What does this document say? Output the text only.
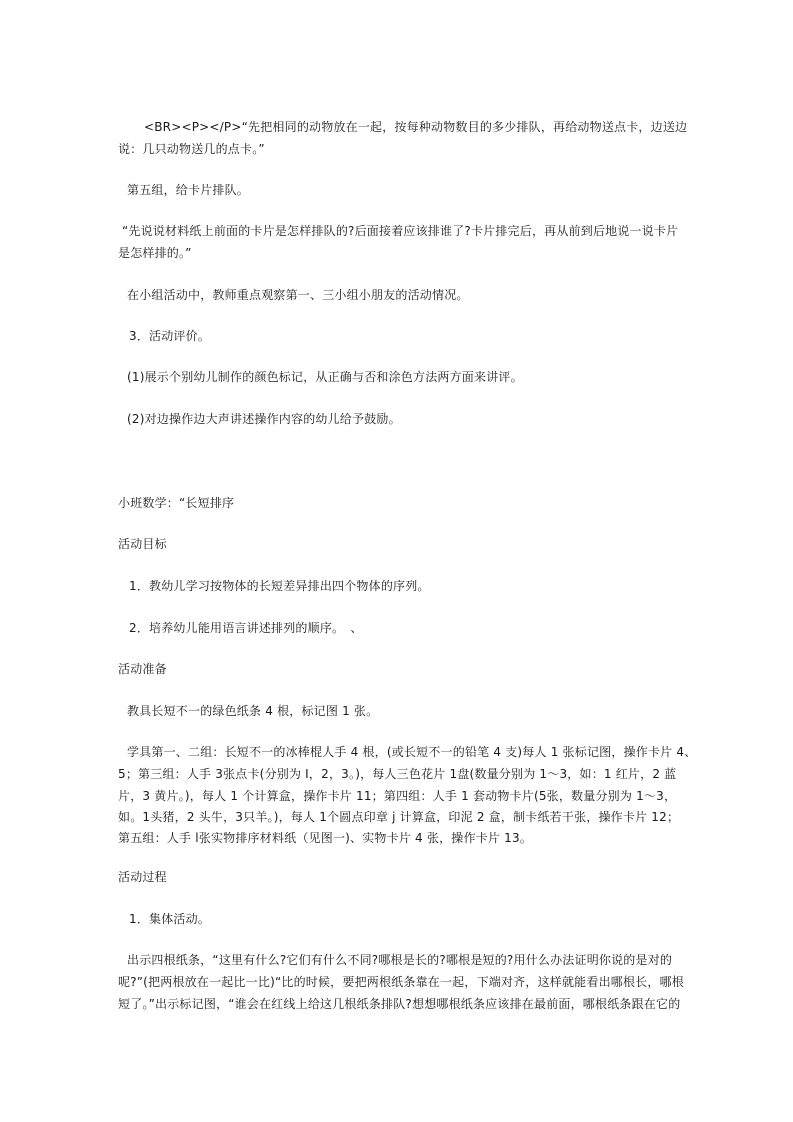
<BR><P></P>“先把相同的动物放在一起，按每种动物数目的多少排队，再给动物送点卡，边送边
说：几只动物送几的点卡。”
第五组，给卡片排队。
“先说说材料纸上前面的卡片是怎样排队的?后面接着应该排谁了?卡片排完后，再从前到后地说一说卡片
是怎样排的。”
在小组活动中，教师重点观察第一、三小组小朋友的活动情况。
3．活动评价。
(1)展示个别幼儿制作的颜色标记，从正确与否和涂色方法两方面来讲评。
(2)对边操作边大声讲述操作内容的幼儿给予鼓励。
小班数学：“长短排序
活动目标
1．教幼儿学习按物体的长短差异排出四个物体的序列。
2．培养幼儿能用语言讲述排列的顺序。　、
活动准备
教具长短不一的绿色纸条 4 根，标记图 1 张。
学具第一、二组：长短不一的冰棒棍人手 4 根，(或长短不一的铅笔 4 支)每人 1 张标记图，操作卡片 4、
5；第三组：人手 3张点卡(分别为 I，2，3。)，每人三色花片 1盘(数量分别为 1～3，如：1 红片，2 蓝
片，3 黄片。)，每人 1 个计算盒，操作卡片 11；第四组：人手 1 套动物卡片(5张，数量分别为 1～3，
如。1头猪，2 头牛，3只羊。)，每人 1个圆点印章 j 计算盒，印泥 2 盒，制卡纸若干张，操作卡片 12；
第五组：人手 l张实物排序材料纸（见图一)、实物卡片 4 张，操作卡片 13。
活动过程
1．集体活动。
出示四根纸条，“这里有什么?它们有什么不同?哪根是长的?哪根是短的?用什么办法证明你说的是对的
呢?”(把两根放在一起比一比)“比的时候，要把两根纸条靠在一起，下端对齐，这样就能看出哪根长，哪根
短了。”出示标记图，“谁会在红线上给这几根纸条排队?想想哪根纸条应该排在最前面，哪根纸条跟在它的
